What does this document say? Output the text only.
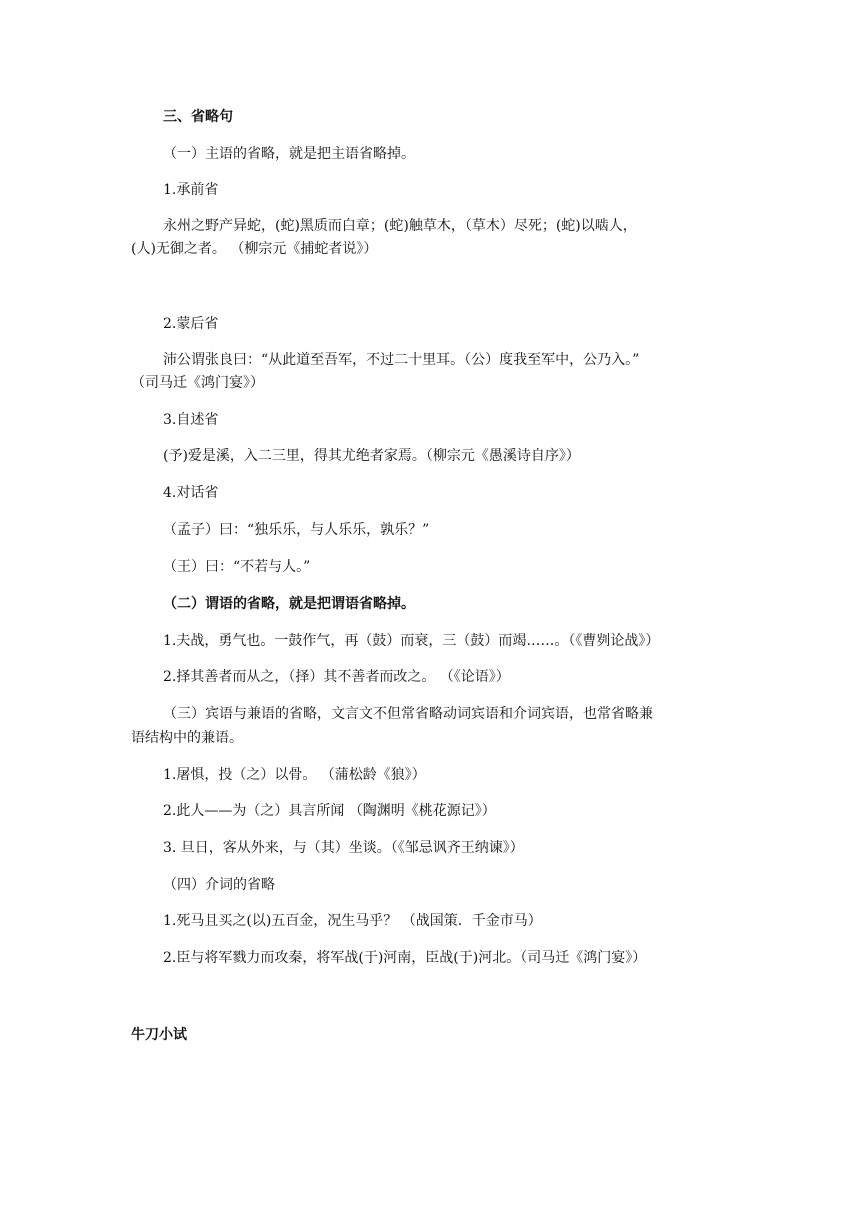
三、省略句
（一）主语的省略，就是把主语省略掉。
1.承前省
永州之野产异蛇，(蛇)黑质而白章；(蛇)触草木，（草木）尽死；(蛇)以啮人，
(人)无御之者。 （柳宗元《捕蛇者说》）
2.蒙后省
沛公谓张良曰：“从此道至吾军，不过二十里耳。（公）度我至军中，公乃入。”
（司马迁《鸿门宴》）
3.自述省
(予)爱是溪，入二三里，得其尤绝者家焉。（柳宗元《愚溪诗自序》）
4.对话省
（孟子）曰：“独乐乐，与人乐乐，孰乐？”
（王）曰：“不若与人。”
（二）谓语的省略，就是把谓语省略掉。
1.夫战，勇气也。一鼓作气，再（鼓）而衰，三（鼓）而竭……。（《曹刿论战》）
2.择其善者而从之，（择）其不善者而改之。 （《论语》）
（三）宾语与兼语的省略，文言文不但常省略动词宾语和介词宾语，也常省略兼
语结构中的兼语。
1.屠惧，投（之）以骨。 （蒲松龄《狼》）
2.此人——为（之）具言所闻 （陶渊明《桃花源记》）
3. 旦日，客从外来，与（其）坐谈。（《邹忌讽齐王纳谏》）
（四）介词的省略
1.死马且买之(以)五百金，况生马乎？ （战国策．千金市马）
2.臣与将军戮力而攻秦，将军战(于)河南，臣战(于)河北。（司马迁《鸿门宴》）
牛刀小试
